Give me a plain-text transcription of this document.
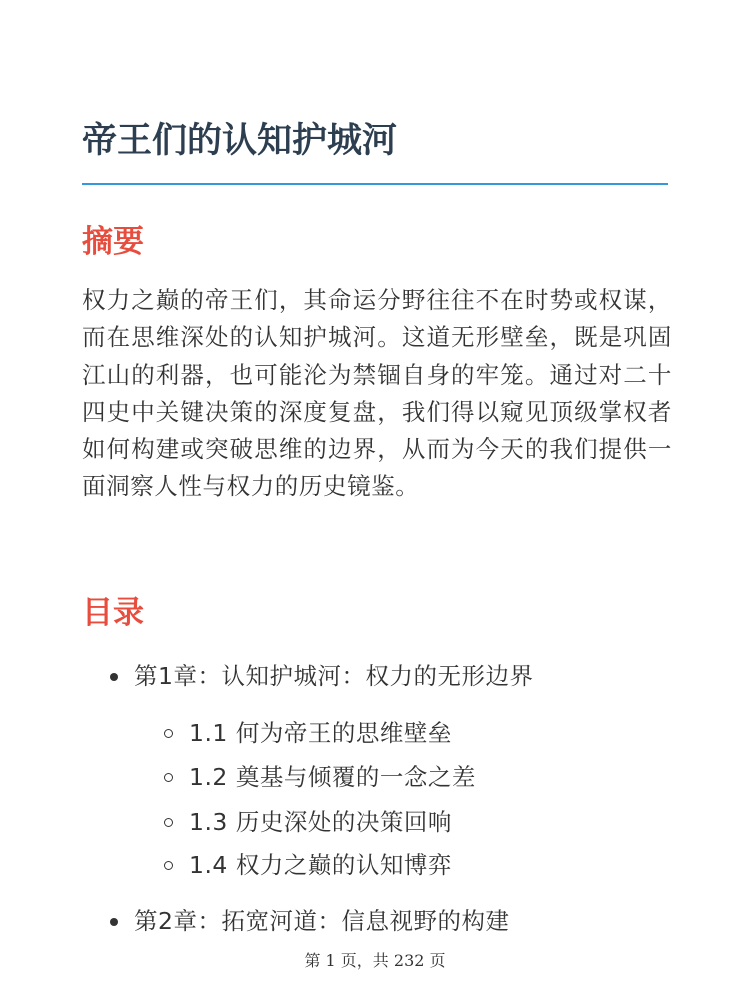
帝王们的认知护城河
摘要

权力之巅的帝王们，其命运分野往往不在时势或权谋，而在思维深处的认知护城河。这道无形壁垒，既是巩固江山的利器，也可能沦为禁锢自身的牢笼。通过对二十四史中关键决策的深度复盘，我们得以窥见顶级掌权者如何构建或突破思维的边界，从而为今天的我们提供一面洞察人性与权力的历史镜鉴。

目录
第1章：认知护城河：权力的无形边界
1.1 何为帝王的思维壁垒
1.2 奠基与倾覆的一念之差
1.3 历史深处的决策回响
1.4 权力之巅的认知博弈
第2章：拓宽河道：信息视野的构建
第 1 页，共 232 页
